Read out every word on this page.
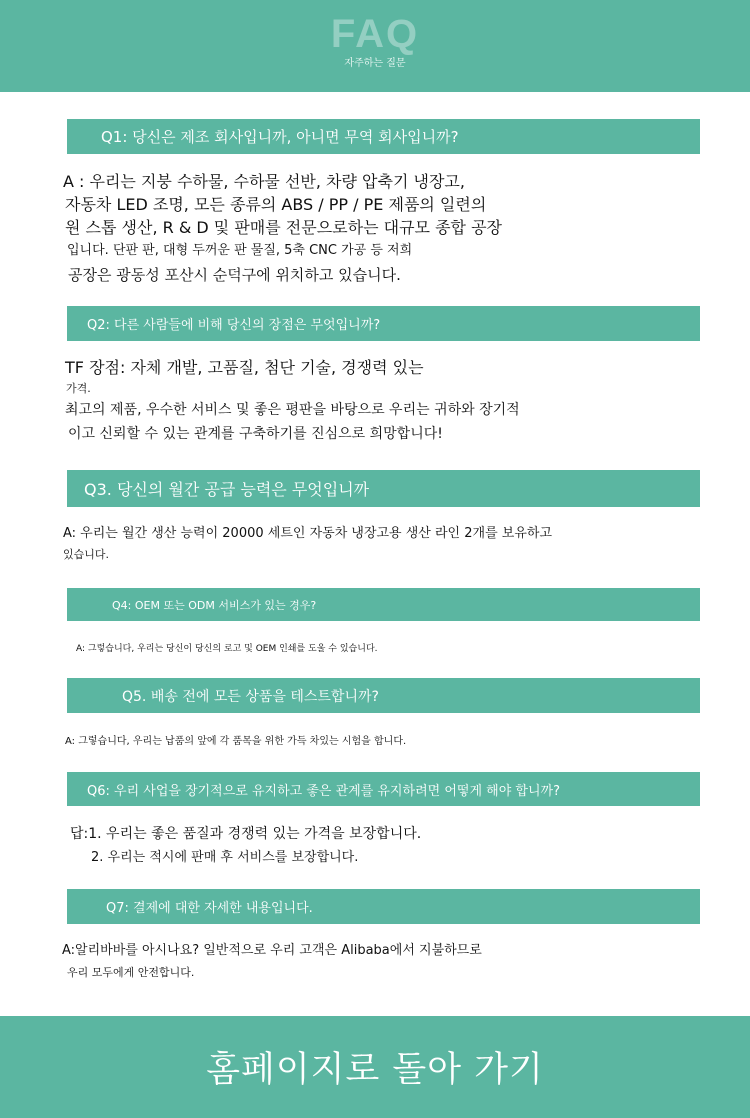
FAQ
자주하는 질문
Q1: 당신은 제조 회사입니까, 아니면 무역 회사입니까?
A : 우리는 지붕 수하물, 수하물 선반, 차량 압축기 냉장고,
자동차 LED 조명, 모든 종류의 ABS / PP / PE 제품의 일련의
원 스톱 생산, R & D 및 판매를 전문으로하는 대규모 종합 공장
입니다. 단판 판, 대형 두꺼운 판 물질, 5축 CNC 가공 등 저희
공장은 광동성 포산시 순덕구에 위치하고 있습니다.
Q2: 다른 사람들에 비해 당신의 장점은 무엇입니까?
TF 장점: 자체 개발, 고품질, 첨단 기술, 경쟁력 있는
가격.
최고의 제품, 우수한 서비스 및 좋은 평판을 바탕으로 우리는 귀하와 장기적
이고 신뢰할 수 있는 관계를 구축하기를 진심으로 희망합니다!
Q3. 당신의 월간 공급 능력은 무엇입니까
A: 우리는 월간 생산 능력이 20000 세트인 자동차 냉장고용 생산 라인 2개를 보유하고
있습니다.
Q4: OEM 또는 ODM 서비스가 있는 경우?
A: 그렇습니다, 우리는 당신이 당신의 로고 및 OEM 인쇄를 도울 수 있습니다.
Q5. 배송 전에 모든 상품을 테스트합니까?
A: 그렇습니다, 우리는 납품의 앞에 각 품목을 위한 가득 차있는 시험을 합니다.
Q6: 우리 사업을 장기적으로 유지하고 좋은 관계를 유지하려면 어떻게 해야 합니까?
답:1. 우리는 좋은 품질과 경쟁력 있는 가격을 보장합니다.
2. 우리는 적시에 판매 후 서비스를 보장합니다.
Q7: 결제에 대한 자세한 내용입니다.
A:알리바바를 아시나요? 일반적으로 우리 고객은 Alibaba에서 지불하므로
우리 모두에게 안전합니다.
홈페이지로 돌아 가기
